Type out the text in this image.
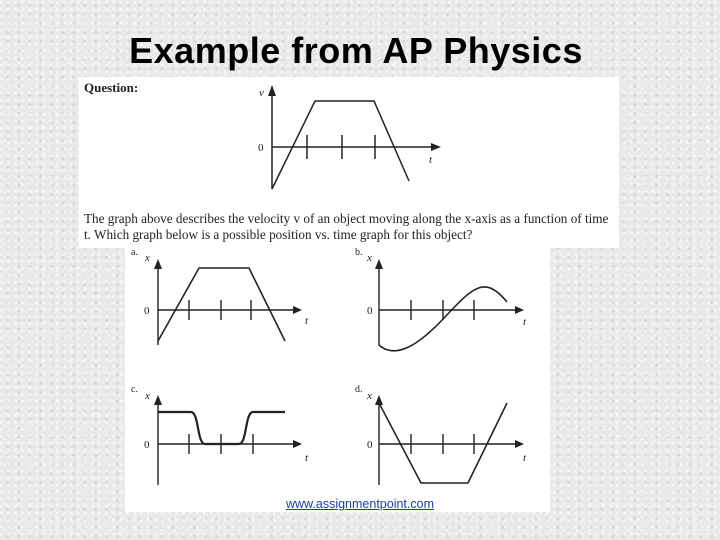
Example from AP Physics
Question:	v
0
t

The graph above describes the velocity v of an object moving along the x-axis as a function of time t. Which graph below is a possible position vs. time graph for this object?

a. x
0
t
b. x
0
t
c.
x
0
t
d.
x
0
t
www.assignmentpoint.com
